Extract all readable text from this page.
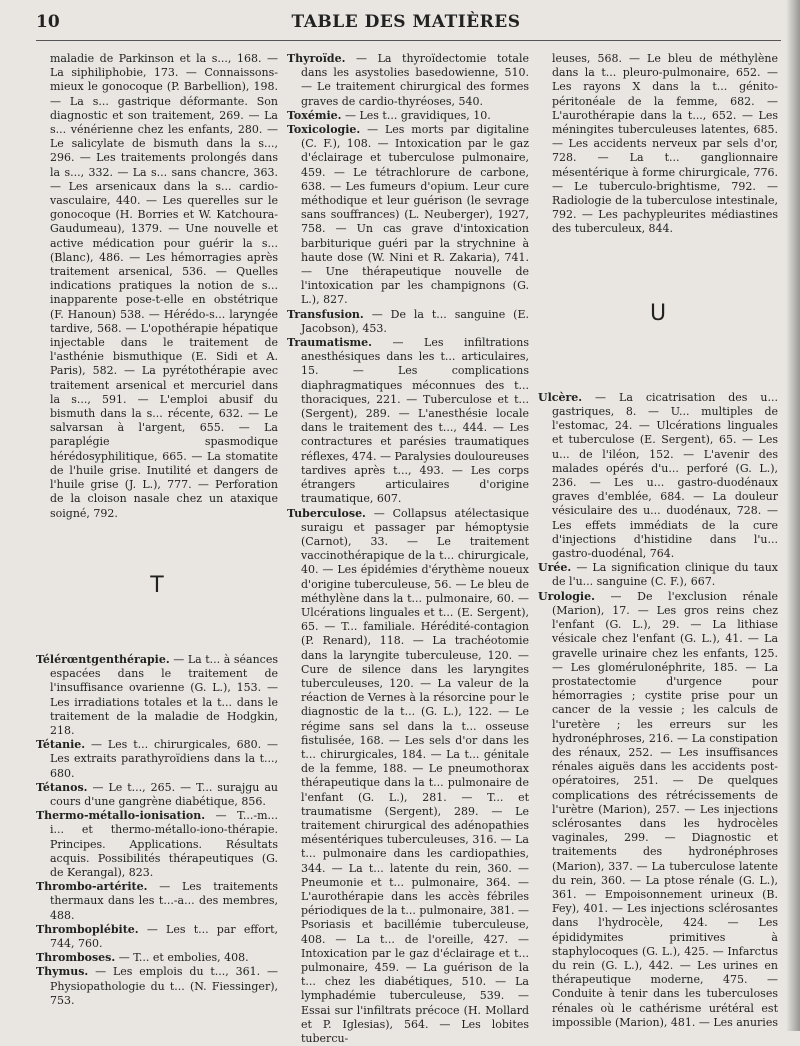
10	TABLE DES MATIÈRES

maladie de Parkinson et la s..., 168. — La siphiliphobie, 173. — Connaissons-mieux le gonocoque (P. Barbellion), 198. — La s... gastrique déformante. Son diagnostic et son traitement, 269. — La s... vénérienne chez les enfants, 280. — Le salicylate de bismuth dans la s..., 296. — Les traitements prolongés dans la s..., 332. — La s... sans chancre, 363. — Les arsenicaux dans la s... cardio-vasculaire, 440. — Les querelles sur le gonocoque (H. Borries et W. Katchoura-Gaudumeau), 1379. — Une nouvelle et active médication pour guérir la s... (Blanc), 486. — Les hémorragies après traitement arsenical, 536. — Quelles indications pratiques la notion de s... inapparente pose-t-elle en obstétrique (F. Hanoun) 538. — Hérédo-s... laryngée tardive, 568. — L'opothérapie hépatique injectable dans le traitement de l'asthénie bismuthique (E. Sidi et A. Paris), 582. — La pyrétothérapie avec traitement arsenical et mercuriel dans la s..., 591. — L'emploi abusif du bismuth dans la s... récente, 632. — Le salvarsan à l'argent, 655. — La paraplégie spasmodique hérédosyphilitique, 665. — La stomatite de l'huile grise. Inutilité et dangers de l'huile grise (J. L.), 777. — Perforation de la cloison nasale chez un ataxique soigné, 792.

T

Télérœntgenthérapie. — La t... à séances espacées dans le traitement de l'insuffisance ovarienne (G. L.), 153. — Les irradiations totales et la t... dans le traitement de la maladie de Hodgkin, 218.

Tétanie. — Les t... chirurgicales, 680. — Les extraits parathyroïdiens dans la t..., 680.

Tétanos. — Le t..., 265. — T... surajgu au cours d'une gangrène diabétique, 856.

Thermo-métallo-ionisation. — T...-m... i... et thermo-métallo-iono-thérapie. Principes. Applications. Résultats acquis. Possibilités thérapeutiques (G. de Kerangal), 823.

Thrombo-artérite. — Les traitements thermaux dans les t...-a... des membres, 488.

Thromboplébite. — Les t... par effort, 744, 760.

Thromboses. — T... et embolies, 408.

Thymus. — Les emplois du t..., 361. — Physiopathologie du t... (N. Fiessinger), 753.

Thyroïde. — La thyroïdectomie totale dans les asystolies basedowienne, 510. — Le traitement chirurgical des formes graves de cardio-thyréoses, 540.

Toxémie. — Les t... gravidiques, 10.

Toxicologie. — Les morts par digitaline (C. F.), 108. — Intoxication par le gaz d'éclairage et tuberculose pulmonaire, 459. — Le tétrachlorure de carbone, 638. — Les fumeurs d'opium. Leur cure méthodique et leur guérison (le sevrage sans souffrances) (L. Neuberger), 1927, 758. — Un cas grave d'intoxication barbiturique guéri par la strychnine à haute dose (W. Nini et R. Zakaria), 741. — Une thérapeutique nouvelle de l'intoxication par les champignons (G. L.), 827.

Transfusion. — De la t... sanguine (E. Jacobson), 453.

Traumatisme. — Les infiltrations anesthésiques dans les t... articulaires, 15. — Les complications diaphragmatiques méconnues des t... thoraciques, 221. — Tuberculose et t... (Sergent), 289. — L'anesthésie locale dans le traitement des t..., 444. — Les contractures et parésies traumatiques réflexes, 474. — Paralysies douloureuses tardives après t..., 493. — Les corps étrangers articulaires d'origine traumatique, 607.

Tuberculose. — Collapsus atélectasique suraigu et passager par hémoptysie (Carnot), 33. — Le traitement vaccinothérapique de la t... chirurgicale, 40. — Les épidémies d'érythème noueux d'origine tuberculeuse, 56. — Le bleu de méthylène dans la t... pulmonaire, 60. — Ulcérations linguales et t... (E. Sergent), 65. — T... familiale. Hérédité-contagion (P. Renard), 118. — La trachéotomie dans la laryngite tuberculeuse, 120. — Cure de silence dans les laryngites tuberculeuses, 120. — La valeur de la réaction de Vernes à la résorcine pour le diagnostic de la t... (G. L.), 122. — Le régime sans sel dans la t... osseuse fistulisée, 168. — Les sels d'or dans les t... chirurgicales, 184. — La t... génitale de la femme, 188. — Le pneumothorax thérapeutique dans la t... pulmonaire de l'enfant (G. L.), 281. — T... et traumatisme (Sergent), 289. — Le traitement chirurgical des adénopathies mésentériques tuberculeuses, 316. — La t... pulmonaire dans les cardiopathies, 344. — La t... latente du rein, 360. — Pneumonie et t... pulmonaire, 364. — L'aurothérapie dans les accès fébriles périodiques de la t... pulmonaire, 381. — Psoriasis et bacillémie tuberculeuse, 408. — La t... de l'oreille, 427. — Intoxication par le gaz d'éclairage et t... pulmonaire, 459. — La guérison de la t... chez les diabétiques, 510. — La lymphadémie tuberculeuse, 539. — Essai sur l'infiltrats précoce (H. Mollard et P. Iglesias), 564. — Les lobites tubercu-

leuses, 568. — Le bleu de méthylène dans la t... pleuro-pulmonaire, 652. — Les rayons X dans la t... génito-péritonéale de la femme, 682. — L'aurothérapie dans la t..., 652. — Les méningites tuberculeuses latentes, 685. — Les accidents nerveux par sels d'or, 728. — La t... ganglionnaire mésentérique à forme chirurgicale, 776. — Le tuberculo-brightisme, 792. — Radiologie de la tuberculose intestinale, 792. — Les pachypleurites médiastines des tuberculeux, 844.

U

Ulcère. — La cicatrisation des u... gastriques, 8. — U... multiples de l'estomac, 24. — Ulcérations linguales et tuberculose (E. Sergent), 65. — Les u... de l'iléon, 152. — L'avenir des malades opérés d'u... perforé (G. L.), 236. — Les u... gastro-duodénaux graves d'emblée, 684. — La douleur vésiculaire des u... duodénaux, 728. — Les effets immédiats de la cure d'injections d'histidine dans l'u... gastro-duodénal, 764.

Urée. — La signification clinique du taux de l'u... sanguine (C. F.), 667.

Urologie. — De l'exclusion rénale (Marion), 17. — Les gros reins chez l'enfant (G. L.), 29. — La lithiase vésicale chez l'enfant (G. L.), 41. — La gravelle urinaire chez les enfants, 125. — Les glomérulonéphrite, 185. — La prostatectomie d'urgence pour hémorragies ; cystite prise pour un cancer de la vessie ; les calculs de l'uretère ; les erreurs sur les hydronéphroses, 216. — La constipation des rénaux, 252. — Les insuffisances rénales aiguës dans les accidents post-opératoires, 251. — De quelques complications des rétrécissements de l'urètre (Marion), 257. — Les injections sclérosantes dans les hydrocèles vaginales, 299. — Diagnostic et traitements des hydronéphroses (Marion), 337. — La tuberculose latente du rein, 360. — La ptose rénale (G. L.), 361. — Empoisonnement urineux (B. Fey), 401. — Les injections sclérosantes dans l'hydrocèle, 424. — Les épididymites primitives à staphylocoques (G. L.), 425. — Infarctus du rein (G. L.), 442. — Les urines en thérapeutique moderne, 475. — Conduite à tenir dans les tuberculoses rénales où le cathérisme urétéral est impossible (Marion), 481. — Les anuries
